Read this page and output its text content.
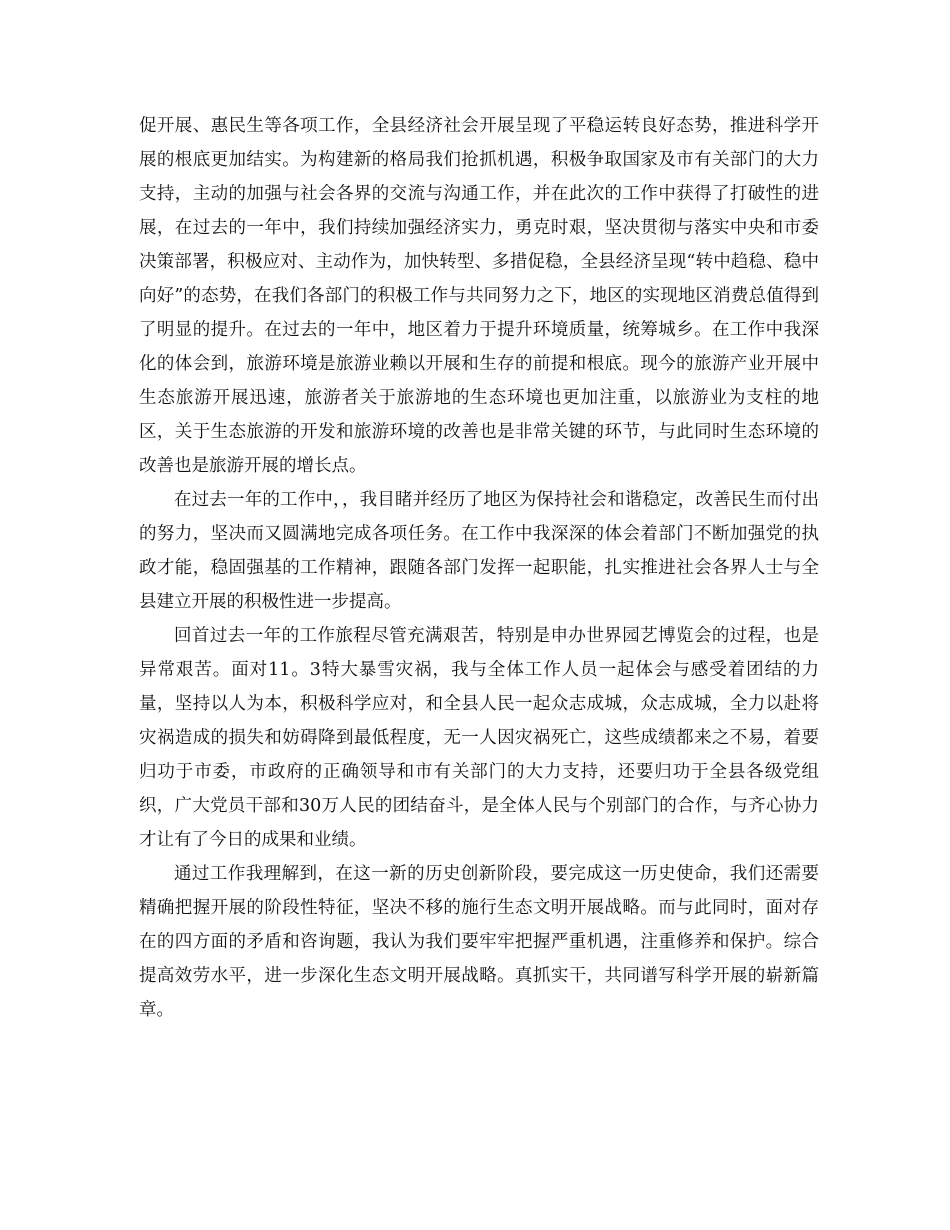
促开展、惠民生等各项工作，全县经济社会开展呈现了平稳运转良好态势，推进科学开展的根底更加结实。为构建新的格局我们抢抓机遇，积极争取国家及市有关部门的大力支持，主动的加强与社会各界的交流与沟通工作，并在此次的工作中获得了打破性的进展，在过去的一年中，我们持续加强经济实力，勇克时艰，坚决贯彻与落实中央和市委决策部署，积极应对、主动作为，加快转型、多措促稳，全县经济呈现“转中趋稳、稳中向好”的态势，在我们各部门的积极工作与共同努力之下，地区的实现地区消费总值得到了明显的提升。在过去的一年中，地区着力于提升环境质量，统筹城乡。在工作中我深化的体会到，旅游环境是旅游业赖以开展和生存的前提和根底。现今的旅游产业开展中生态旅游开展迅速，旅游者关于旅游地的生态环境也更加注重，以旅游业为支柱的地区，关于生态旅游的开发和旅游环境的改善也是非常关键的环节，与此同时生态环境的改善也是旅游开展的增长点。

在过去一年的工作中，，我目睹并经历了地区为保持社会和谐稳定，改善民生而付出的努力，坚决而又圆满地完成各项任务。在工作中我深深的体会着部门不断加强党的执政才能，稳固强基的工作精神，跟随各部门发挥一起职能，扎实推进社会各界人士与全县建立开展的积极性进一步提高。

回首过去一年的工作旅程尽管充满艰苦，特别是申办世界园艺博览会的过程，也是异常艰苦。面对11。3特大暴雪灾祸，我与全体工作人员一起体会与感受着团结的力量，坚持以人为本，积极科学应对，和全县人民一起众志成城，众志成城，全力以赴将灾祸造成的损失和妨碍降到最低程度，无一人因灾祸死亡，这些成绩都来之不易，着要归功于市委，市政府的正确领导和市有关部门的大力支持，还要归功于全县各级党组织，广大党员干部和30万人民的团结奋斗，是全体人民与个别部门的合作，与齐心协力才让有了今日的成果和业绩。

通过工作我理解到，在这一新的历史创新阶段，要完成这一历史使命，我们还需要精确把握开展的阶段性特征，坚决不移的施行生态文明开展战略。而与此同时，面对存在的四方面的矛盾和咨询题，我认为我们要牢牢把握严重机遇，注重修养和保护。综合提高效劳水平，进一步深化生态文明开展战略。真抓实干，共同谱写科学开展的崭新篇章。
